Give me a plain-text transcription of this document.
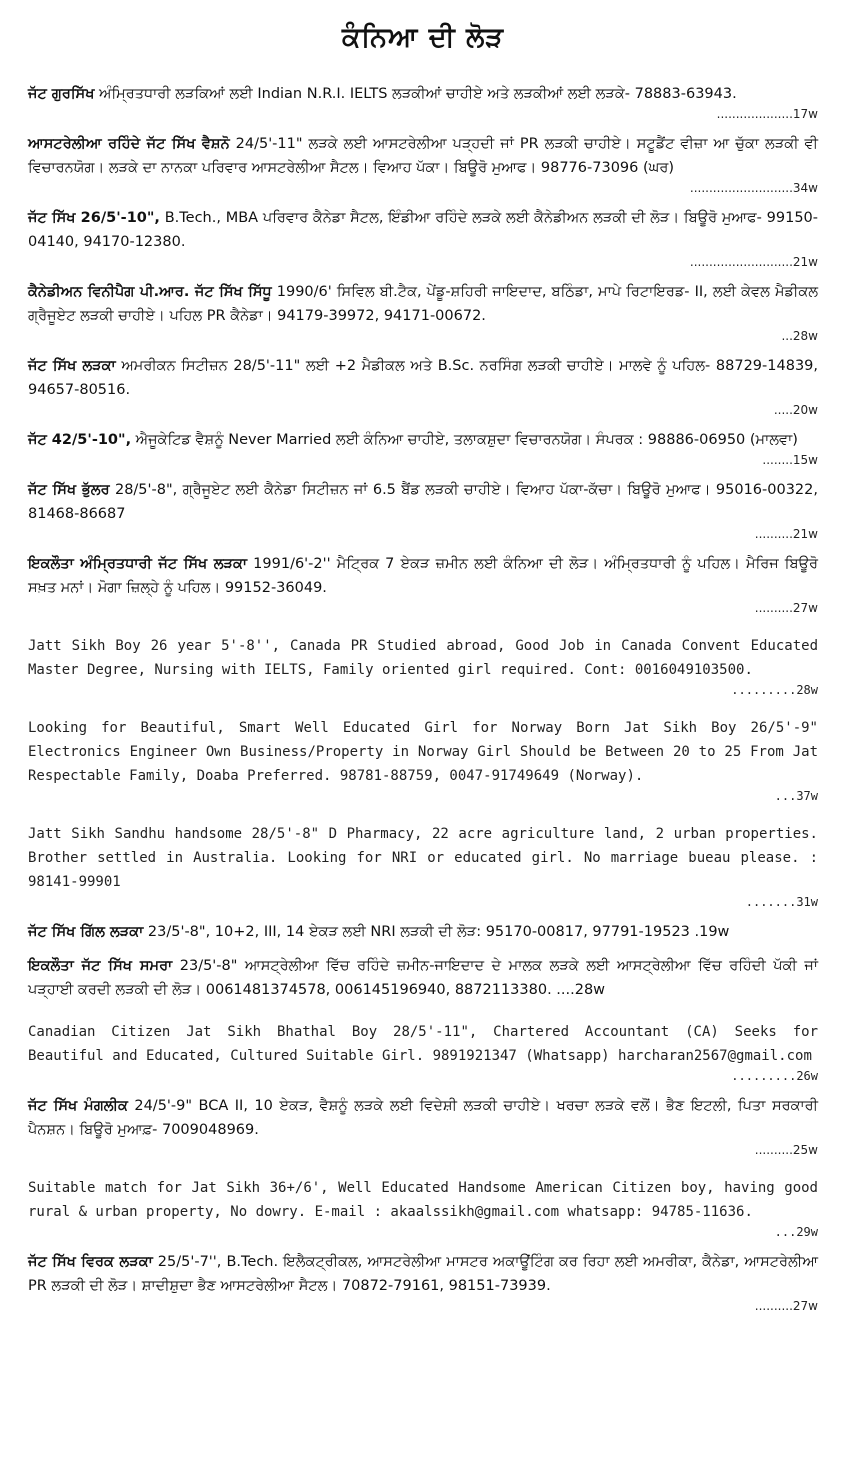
ਕੰਨਿਆ ਦੀ ਲੋੜ
ਜੱਟ ਗੁਰਸਿੱਖ ਅੰਮ੍ਰਿਤਧਾਰੀ ਲੜਕਿਆਂ ਲਈ Indian N.R.I. IELTS ਲੜਕੀਆਂ ਚਾਹੀਏ ਅਤੇ ਲੜਕੀਆਂ ਲਈ ਲੜਕੇ- 78883-63943.
....................17w
ਆਸਟਰੇਲੀਆ ਰਹਿੰਦੇ ਜੱਟ ਸਿੱਖ ਵੈਸ਼ਨੋ 24/5'-11" ਲੜਕੇ ਲਈ ਆਸਟਰੇਲੀਆ ਪੜ੍ਹਦੀ ਜਾਂ PR ਲੜਕੀ ਚਾਹੀਏ। ਸਟੂਡੈਂਟ ਵੀਜ਼ਾ ਆ ਚੁੱਕਾ ਲੜਕੀ ਵੀ ਵਿਚਾਰਨਯੋਗ। ਲੜਕੇ ਦਾ ਨਾਨਕਾ ਪਰਿਵਾਰ ਆਸਟਰੇਲੀਆ ਸੈਟਲ। ਵਿਆਹ ਪੱਕਾ। ਬਿਊਰੋ ਮੁਆਫ। 98776-73096 (ਘਰ)
...........................34w
ਜੱਟ ਸਿੱਖ 26/5'-10", B.Tech., MBA ਪਰਿਵਾਰ ਕੈਨੇਡਾ ਸੈਟਲ, ਇੰਡੀਆ ਰਹਿੰਦੇ ਲੜਕੇ ਲਈ ਕੈਨੇਡੀਅਨ ਲੜਕੀ ਦੀ ਲੋੜ। ਬਿਊਰੋ ਮੁਆਫ- 99150-04140, 94170-12380.
...........................21w
ਕੈਨੇਡੀਅਨ ਵਿਨੀਪੈਗ ਪੀ.ਆਰ. ਜੱਟ ਸਿੱਖ ਸਿੱਧੂ 1990/6' ਸਿਵਿਲ ਬੀ.ਟੈਕ, ਪੇਂਡੂ-ਸ਼ਹਿਰੀ ਜਾਇਦਾਦ, ਬਠਿੰਡਾ, ਮਾਪੇ ਰਿਟਾਇਰਡ- II, ਲਈ ਕੇਵਲ ਮੈਡੀਕਲ ਗ੍ਰੈਜੂਏਟ ਲੜਕੀ ਚਾਹੀਏ। ਪਹਿਲ PR ਕੈਨੇਡਾ। 94179-39972, 94171-00672.
...28w
ਜੱਟ ਸਿੱਖ ਲੜਕਾ ਅਮਰੀਕਨ ਸਿਟੀਜ਼ਨ 28/5'-11" ਲਈ +2 ਮੈਡੀਕਲ ਅਤੇ B.Sc. ਨਰਸਿੰਗ ਲੜਕੀ ਚਾਹੀਏ। ਮਾਲਵੇ ਨੂੰ ਪਹਿਲ- 88729-14839, 94657-80516.
.....20w
ਜੱਟ 42/5'-10", ਐਜੂਕੇਟਿਡ ਵੈਸ਼ਨੂੰ Never Married ਲਈ ਕੰਨਿਆ ਚਾਹੀਏ, ਤਲਾਕਸ਼ੁਦਾ ਵਿਚਾਰਨਯੋਗ। ਸੰਪਰਕ : 98886-06950 (ਮਾਲਵਾ)
........15w
ਜੱਟ ਸਿੱਖ ਭੁੱਲਰ 28/5'-8", ਗ੍ਰੈਜੂਏਟ ਲਈ ਕੈਨੇਡਾ ਸਿਟੀਜ਼ਨ ਜਾਂ 6.5 ਬੈਂਡ ਲੜਕੀ ਚਾਹੀਏ। ਵਿਆਹ ਪੱਕਾ-ਕੱਚਾ। ਬਿਊਰੋ ਮੁਆਫ। 95016-00322, 81468-86687
..........21w
ਇਕਲੌਤਾ ਅੰਮ੍ਰਿਤਧਾਰੀ ਜੱਟ ਸਿੱਖ ਲੜਕਾ 1991/6'-2'' ਮੈਟ੍ਰਿਕ 7 ਏਕੜ ਜ਼ਮੀਨ ਲਈ ਕੰਨਿਆ ਦੀ ਲੋੜ। ਅੰਮ੍ਰਿਤਧਾਰੀ ਨੂੰ ਪਹਿਲ। ਮੈਰਿਜ ਬਿਊਰੋ ਸਖ਼ਤ ਮਨਾਂ। ਮੋਗਾ ਜ਼ਿਲ੍ਹੇ ਨੂੰ ਪਹਿਲ। 99152-36049.
..........27w
Jatt Sikh Boy 26 year 5'-8'', Canada PR Studied abroad, Good Job in Canada Convent Educated Master Degree, Nursing with IELTS, Family oriented girl required. Cont: 0016049103500.
.........28w
Looking for Beautiful, Smart Well Educated Girl for Norway Born Jat Sikh Boy 26/5'-9" Electronics Engineer Own Business/Property in Norway Girl Should be Between 20 to 25 From Jat Respectable Family, Doaba Preferred. 98781-88759, 0047-91749649 (Norway).
...37w
Jatt Sikh Sandhu handsome 28/5'-8" D Pharmacy, 22 acre agriculture land, 2 urban properties. Brother settled in Australia. Looking for NRI or educated girl. No marriage bueau please. : 98141-99901
.......31w
ਜੱਟ ਸਿੱਖ ਗਿੱਲ ਲੜਕਾ 23/5'-8", 10+2, III, 14 ਏਕੜ ਲਈ NRI ਲੜਕੀ ਦੀ ਲੋੜ: 95170-00817, 97791-19523 .19w
ਇਕਲੌਤਾ ਜੱਟ ਸਿੱਖ ਸਮਰਾ 23/5'-8" ਆਸਟ੍ਰੇਲੀਆ ਵਿੱਚ ਰਹਿੰਦੇ ਜ਼ਮੀਨ-ਜਾਇਦਾਦ ਦੇ ਮਾਲਕ ਲੜਕੇ ਲਈ ਆਸਟ੍ਰੇਲੀਆ ਵਿੱਚ ਰਹਿੰਦੀ ਪੱਕੀ ਜਾਂ ਪੜ੍ਹਾਈ ਕਰਦੀ ਲੜਕੀ ਦੀ ਲੋੜ। 0061481374578, 006145196940, 8872113380. ....28w
Canadian Citizen Jat Sikh Bhathal Boy 28/5'-11", Chartered Accountant (CA) Seeks for Beautiful and Educated, Cultured Suitable Girl. 9891921347 (Whatsapp) harcharan2567@gmail.com
.........26w
ਜੱਟ ਸਿੱਖ ਮੰਗਲੀਕ 24/5'-9" BCA II, 10 ਏਕੜ, ਵੈਸ਼ਨੂੰ ਲੜਕੇ ਲਈ ਵਿਦੇਸ਼ੀ ਲੜਕੀ ਚਾਹੀਏ। ਖਰਚਾ ਲੜਕੇ ਵਲੋਂ। ਭੈਣ ਇਟਲੀ, ਪਿਤਾ ਸਰਕਾਰੀ ਪੈਨਸ਼ਨ। ਬਿਊਰੋ ਮੁਆਫ਼- 7009048969.
..........25w
Suitable match for Jat Sikh 36+/6', Well Educated Handsome American Citizen boy, having good rural & urban property, No dowry. E-mail : akaalssikh@gmail.com whatsapp: 94785-11636.
...29w
ਜੱਟ ਸਿੱਖ ਵਿਰਕ ਲੜਕਾ 25/5'-7'', B.Tech. ਇਲੈਕਟ੍ਰੀਕਲ, ਆਸਟਰੇਲੀਆ ਮਾਸਟਰ ਅਕਾਊਂਟਿੰਗ ਕਰ ਰਿਹਾ ਲਈ ਅਮਰੀਕਾ, ਕੈਨੇਡਾ, ਆਸਟਰੇਲੀਆ PR ਲੜਕੀ ਦੀ ਲੋੜ। ਸ਼ਾਦੀਸ਼ੁਦਾ ਭੈਣ ਆਸਟਰੇਲੀਆ ਸੈਟਲ। 70872-79161, 98151-73939.
..........27w
